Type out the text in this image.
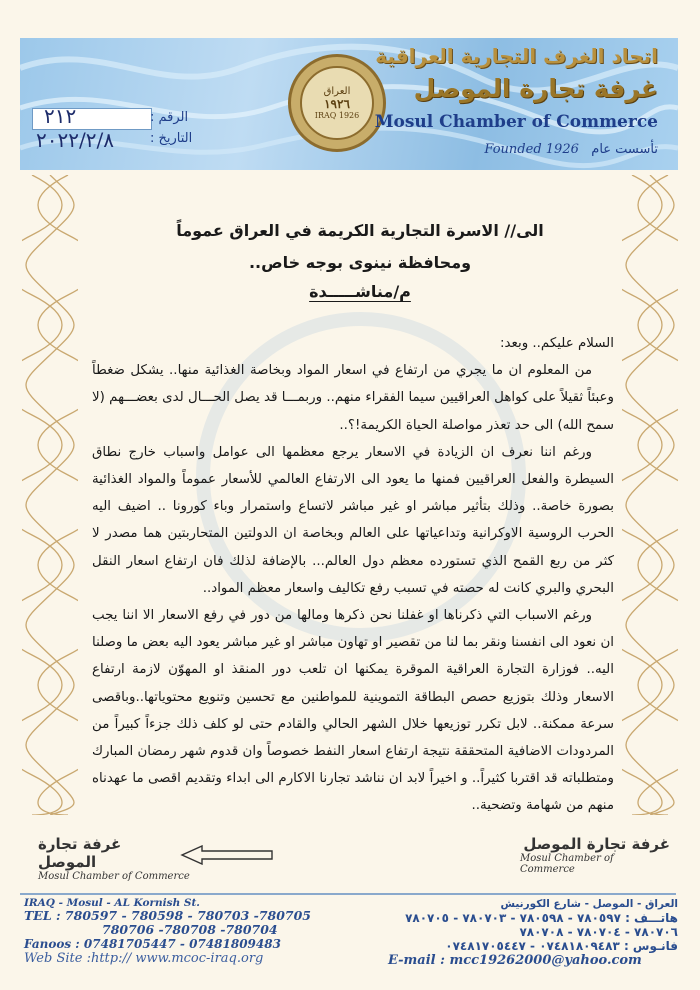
٢١٢
٢٠٢٢/٢/٨
الرقم :
التاريخ :
العراق
١٩٢٦
IRAQ 1926
اتحاد الغرف التجارية العراقية
غرفة تجارة الموصل
Mosul Chamber of Commerce
Founded 1926 تأسست عام
الى// الاسرة التجارية الكريمة في العراق عموماً
ومحافظة نينوى بوجه خاص..
م/مناشـــــدة

السلام عليكم.. وبعد:

من المعلوم ان ما يجري من ارتفاع في اسعار المواد وبخاصة الغذائية منها.. يشكل ضغطاً وعبئاً ثقيلاً على كواهل العراقيين سيما الفقراء منهم.. وربمـــا قد يصل الحـــال لدى بعضـــهم (لا سمح الله) الى حد تعذر مواصلة الحياة الكريمة!؟..

ورغم اننا نعرف ان الزيادة في الاسعار يرجع معظمها الى عوامل واسباب خارج نطاق السيطرة والفعل العراقيين فمنها ما يعود الى الارتفاع العالمي للأسعار عموماً والمواد الغذائية بصورة خاصة.. وذلك بتأثير مباشر او غير مباشر لاتساع واستمرار وباء كورونا .. اضيف اليه الحرب الروسية الاوكرانية وتداعياتها على العالم وبخاصة ان الدولتين المتحاربتين هما مصدر لا كثر من ربع القمح الذي تستورده معظم دول العالم... بالإضافة لذلك فان ارتفاع اسعار النقل البحري والبري كانت له حصته في تسبب رفع تكاليف واسعار معظم المواد..

ورغم الاسباب التي ذكرناها او غفلنا نحن ذكرها ومالها من دور في رفع الاسعار الا اننا يجب ان نعود الى انفسنا ونقر بما لنا من تقصير او تهاون مباشر او غير مباشر يعود اليه بعض ما وصلنا اليه.. فوزارة التجارة العراقية الموقرة يمكنها ان تلعب دور المنقذ او المهوّن لازمة ارتفاع الاسعار وذلك بتوزيع حصص البطاقة التموينية للمواطنين مع تحسين وتنويع محتوياتها..وباقصى سرعة ممكنة.. لابل تكرر توزيعها خلال الشهر الحالي والقادم حتى لو كلف ذلك جزءاً كبيراً من المردودات الاضافية المتحققة نتيجة ارتفاع اسعار النفط خصوصاً وان قدوم شهر رمضان المبارك ومتطلباته قد اقتربا كثيراً.. و اخيراً لابد ان نناشد تجارنا الاكارم الى ابداء وتقديم اقصى ما عهدناه منهم من شهامة وتضحية..

غرفة تجارة الموصل
Mosul Chamber of Commerce
غرفة تجارة الموصل
Mosul Chamber of Commerce
IRAQ - Mosul - AL Kornish St.
TEL : 780597 - 780598 - 780703 -780705
780706 -780708 -780704
Fanoos : 07481705447 - 07481809483
Web Site :http:// www.mcoc-iraq.org
العراق - الموصل - شارع الكورنيش
هاتـــف : ٧٨٠٥٩٧ - ٧٨٠٥٩٨ - ٧٨٠٧٠٣ - ٧٨٠٧٠٥
٧٨٠٧٠٦ - ٧٨٠٧٠٤ - ٧٨٠٧٠٨
فانـوس : ٠٧٤٨١٨٠٩٤٨٣ - ٠٧٤٨١٧٠٥٤٤٧
E-mail : mcc19262000@yahoo.com
